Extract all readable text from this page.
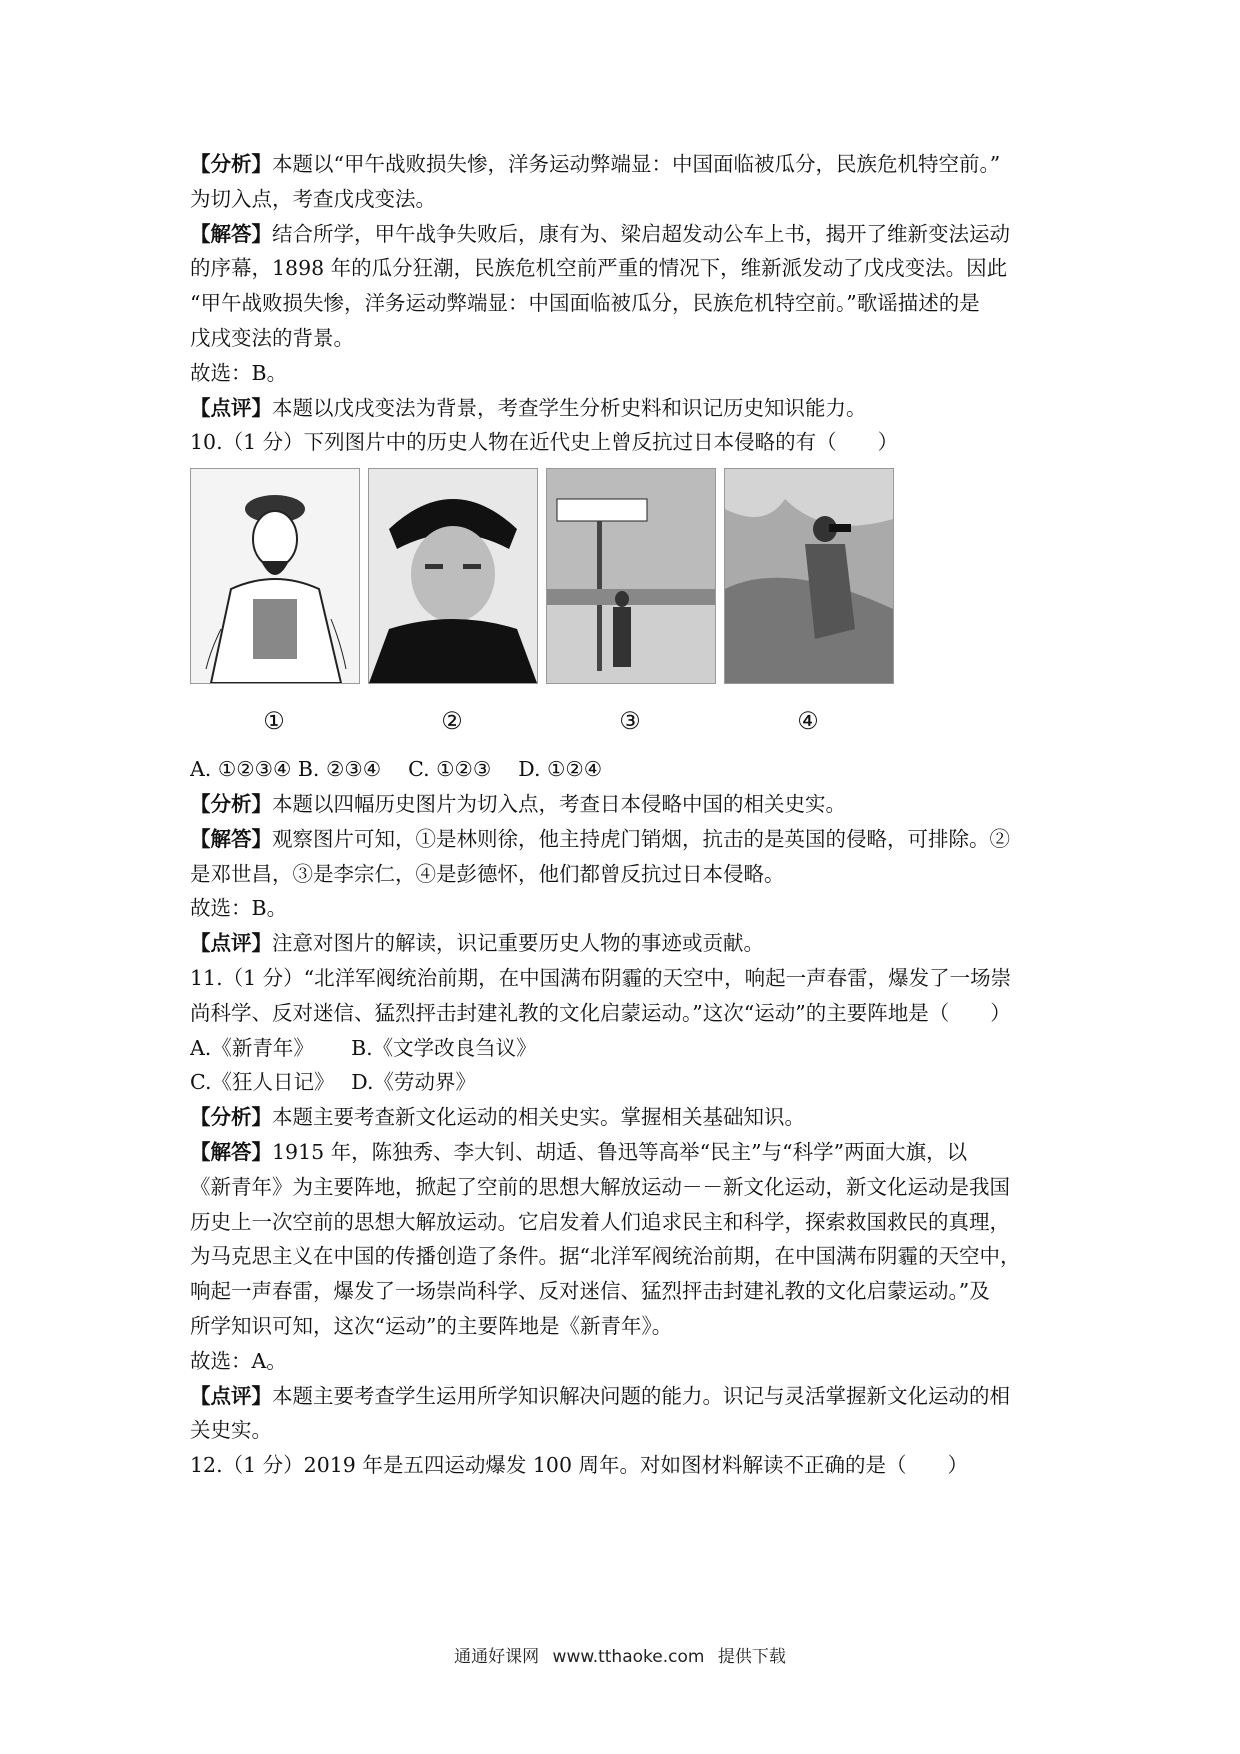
【分析】本题以“甲午战败损失惨，洋务运动弊端显：中国面临被瓜分，民族危机特空前。”
为切入点，考查戊戌变法。
【解答】结合所学，甲午战争失败后，康有为、梁启超发动公车上书，揭开了维新变法运动
的序幕，1898 年的瓜分狂潮，民族危机空前严重的情况下，维新派发动了戊戌变法。因此
“甲午战败损失惨，洋务运动弊端显：中国面临被瓜分，民族危机特空前。”歌谣描述的是
戊戌变法的背景。
故选：B。
【点评】本题以戊戌变法为背景，考查学生分析史料和识记历史知识能力。
10.（1 分）下列图片中的历史人物在近代史上曾反抗过日本侵略的有（　　）
①	②	③	④
A. ①②③④ B. ②③④　 C. ①②③　 D. ①②④
【分析】本题以四幅历史图片为切入点，考查日本侵略中国的相关史实。
【解答】观察图片可知，①是林则徐，他主持虎门销烟，抗击的是英国的侵略，可排除。②
是邓世昌，③是李宗仁，④是彭德怀，他们都曾反抗过日本侵略。
故选：B。
【点评】注意对图片的解读，识记重要历史人物的事迹或贡献。
11.（1 分）“北洋军阀统治前期，在中国满布阴霾的天空中，响起一声春雷，爆发了一场崇
尚科学、反对迷信、猛烈抨击封建礼教的文化启蒙运动。”这次“运动”的主要阵地是（　　）
A.《新青年》　　 B.《文学改良刍议》
C.《狂人日记》　 D.《劳动界》
【分析】本题主要考查新文化运动的相关史实。掌握相关基础知识。
【解答】1915 年，陈独秀、李大钊、胡适、鲁迅等高举“民主”与“科学”两面大旗，以
《新青年》为主要阵地，掀起了空前的思想大解放运动－－新文化运动，新文化运动是我国
历史上一次空前的思想大解放运动。它启发着人们追求民主和科学，探索救国救民的真理，
为马克思主义在中国的传播创造了条件。据“北洋军阀统治前期，在中国满布阴霾的天空中，
响起一声春雷，爆发了一场崇尚科学、反对迷信、猛烈抨击封建礼教的文化启蒙运动。”及
所学知识可知，这次“运动”的主要阵地是《新青年》。
故选：A。
【点评】本题主要考查学生运用所学知识解决问题的能力。识记与灵活掌握新文化运动的相
关史实。
12.（1 分）2019 年是五四运动爆发 100 周年。对如图材料解读不正确的是（　　）
通通好课网 www.tthaoke.com 提供下载
